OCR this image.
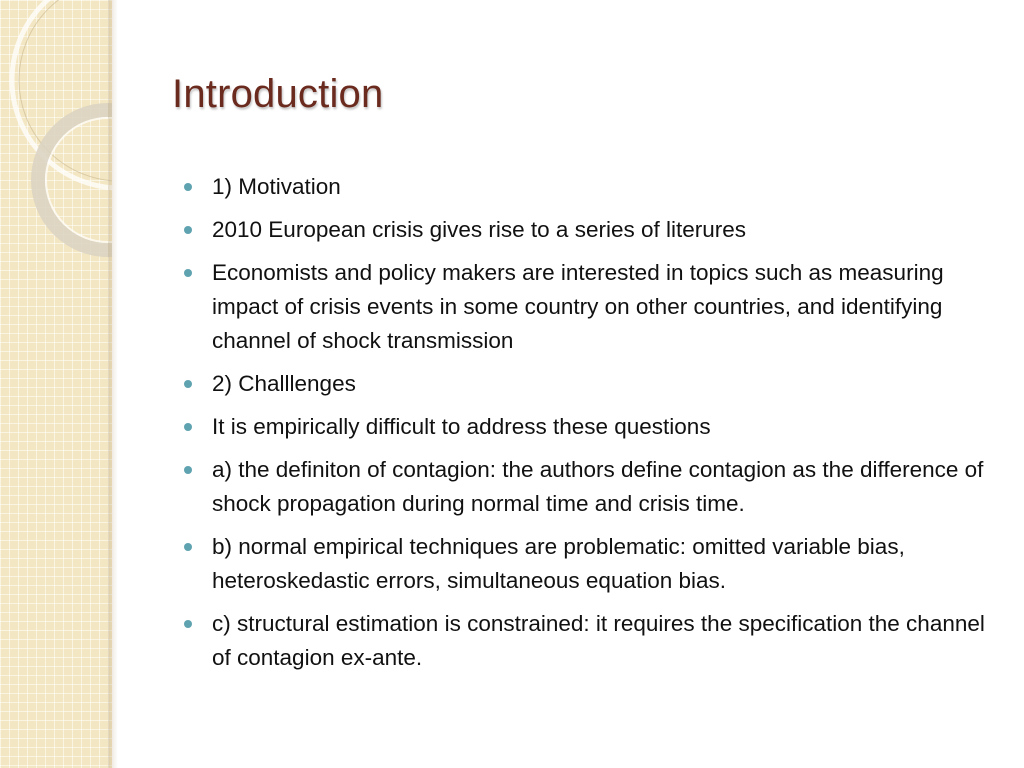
Introduction
1) Motivation
2010 European crisis gives rise to a series of literures
Economists and policy makers are interested in topics such as measuring impact of crisis events in some country on other countries, and identifying channel of shock transmission
2) Challlenges
It is empirically difficult to address these questions
a) the definiton of contagion: the authors define contagion as the difference of shock propagation during normal time and crisis time.
b) normal empirical techniques are problematic: omitted variable bias, heteroskedastic errors, simultaneous equation bias.
c) structural estimation is constrained: it requires the specification the channel of contagion ex-ante.
